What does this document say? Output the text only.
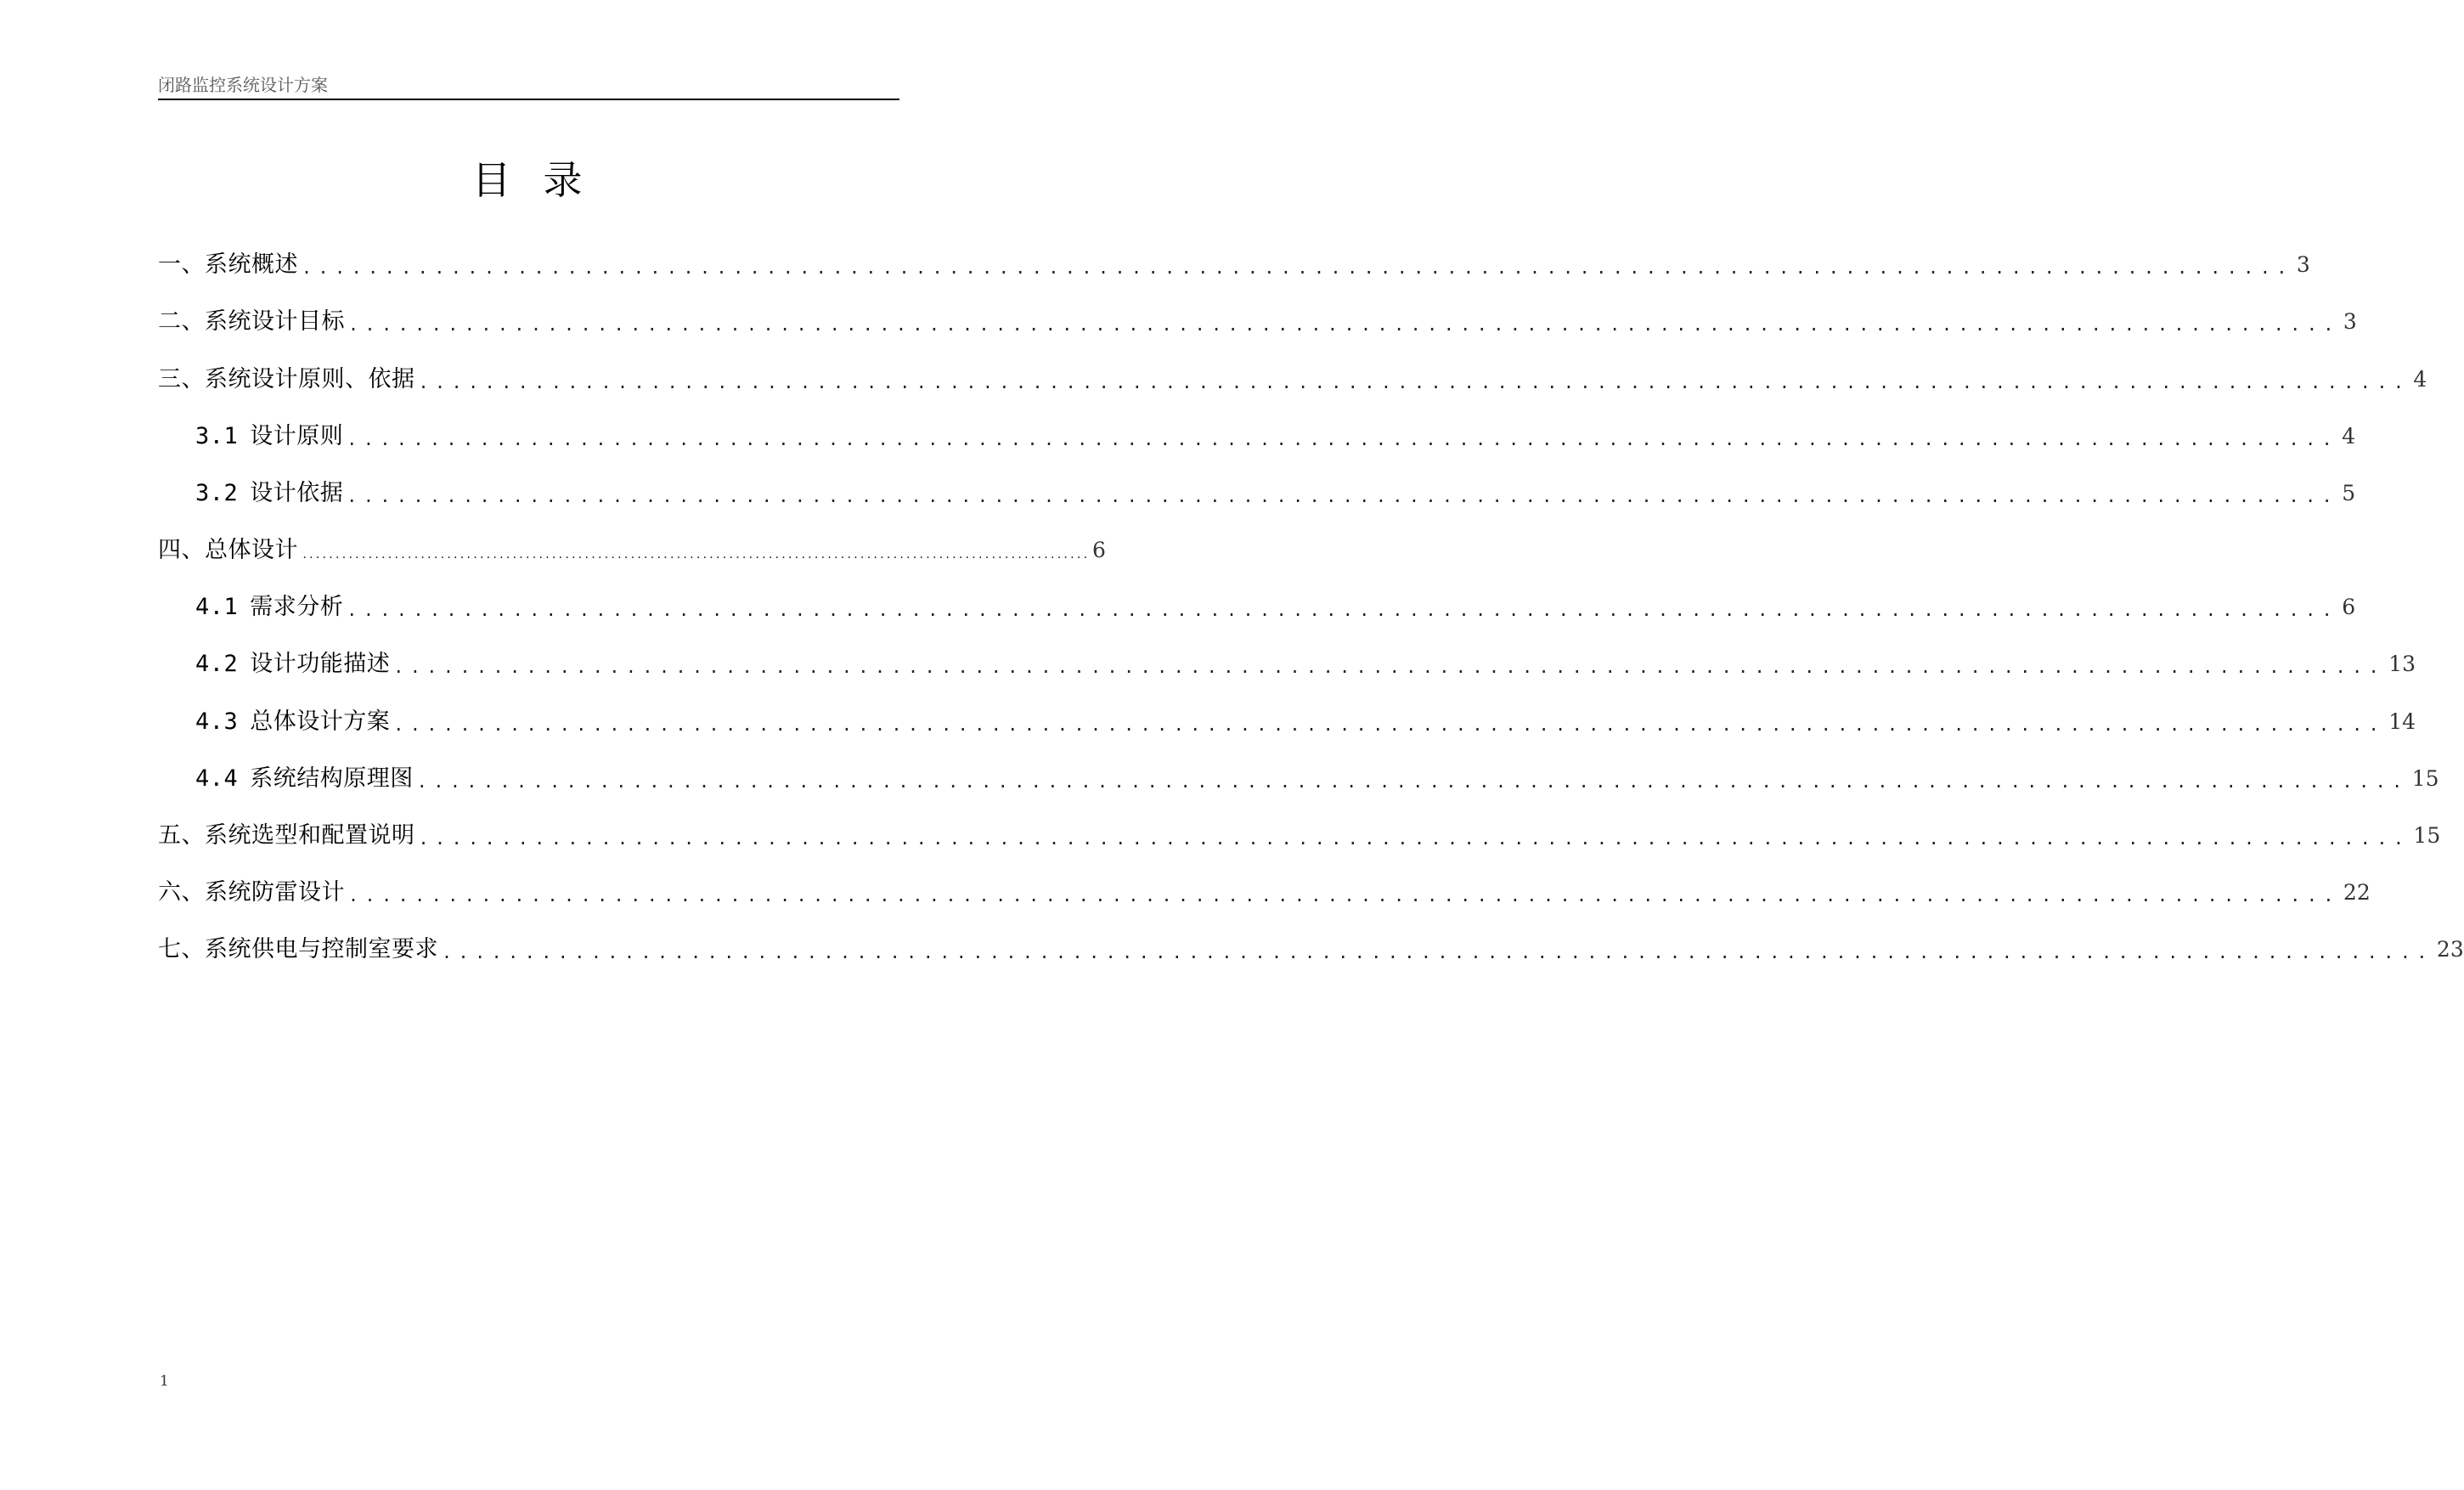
闭路监控系统设计方案
目录
一、系统概述 ........................................................................................................................ 3
二、系统设计目标 ........................................................................................................................ 3
三、系统设计原则、依据 ........................................................................................................................ 4
3.1 设计原则 ........................................................................................................................ 4
3.2 设计依据 ........................................................................................................................ 5
四、总体设计 ........................................................................................................................ 6
4.1 需求分析 ........................................................................................................................ 6
4.2 设计功能描述 ........................................................................................................................ 13
4.3 总体设计方案 ........................................................................................................................ 14
4.4 系统结构原理图 ........................................................................................................................ 15
五、系统选型和配置说明 ........................................................................................................................ 15
六、系统防雷设计 ........................................................................................................................ 22
七、系统供电与控制室要求 ........................................................................................................................ 23
1
